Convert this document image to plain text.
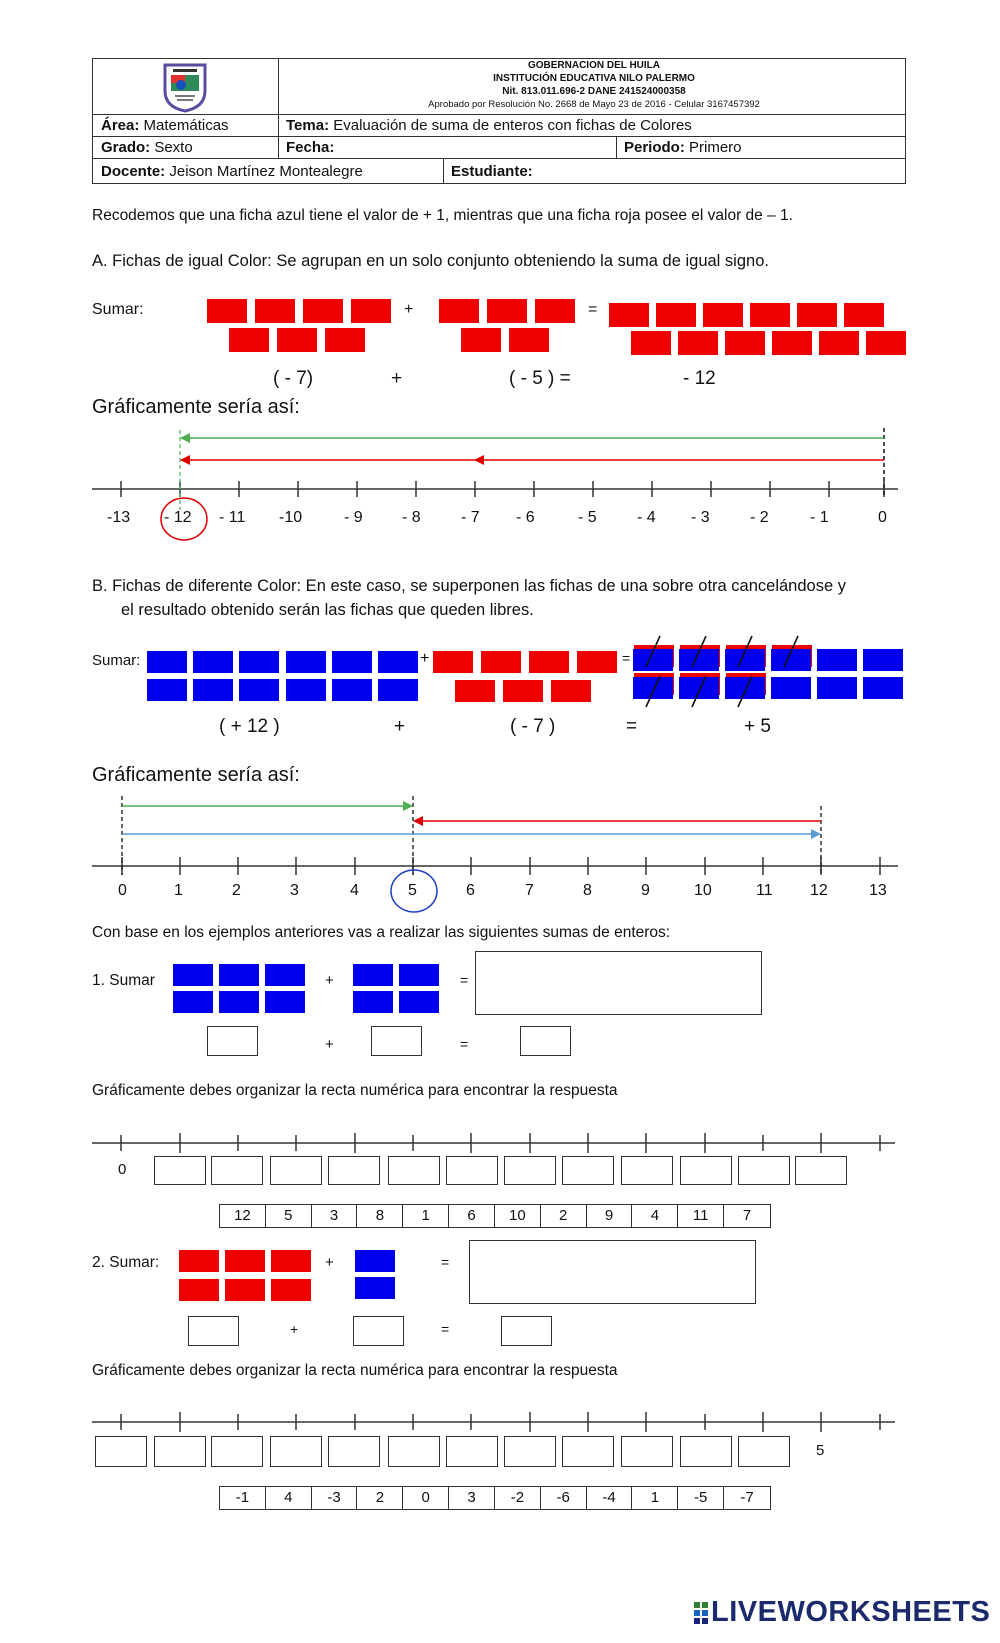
GOBERNACION DEL HUILA
INSTITUCIÓN EDUCATIVA NILO PALERMO
Nit. 813.011.696-2 DANE 241524000358
Aprobado por Resolución No. 2668 de Mayo 23 de 2016 - Celular 3167457392
Área: Matemáticas	Tema: Evaluación de suma de enteros con fichas de Colores
Grado: Sexto	Fecha:	Periodo: Primero
Docente: Jeison Martínez Montealegre	Estudiante:
Recodemos que una ficha azul tiene el valor de + 1, mientras que una ficha roja posee el valor de – 1.
A. Fichas de igual Color: Se agrupan en un solo conjunto obteniendo la suma de igual signo.
Sumar:	+	=
( - 7)	+	( - 5 ) =	- 12
Gráficamente sería así:
-13 - 12 - 11 -10	- 9 - 8	- 7 - 6	- 5	- 4 - 3	- 2	- 1	0
B. Fichas de diferente Color: En este caso, se superponen las fichas de una sobre otra cancelándose y
el resultado obtenido serán las fichas que queden libres.
Sumar:	+	=
( + 12 )	+	( - 7 )	=	+ 5
Gráficamente sería así:
0	1	2	3	4	5	6	7	8	9	10	11 12	13
Con base en los ejemplos anteriores vas a realizar las siguientes sumas de enteros:
1. Sumar	+	=
+	=
Gráficamente debes organizar la recta numérica para encontrar la respuesta
0
12	5	3	8	1	6	10	2	9	4	11	7
2. Sumar:	+	=
+	=
Gráficamente debes organizar la recta numérica para encontrar la respuesta
5
-1	4	-3	2	0	3	-2	-6	-4	1	-5	-7
LIVEWORKSHEETS
